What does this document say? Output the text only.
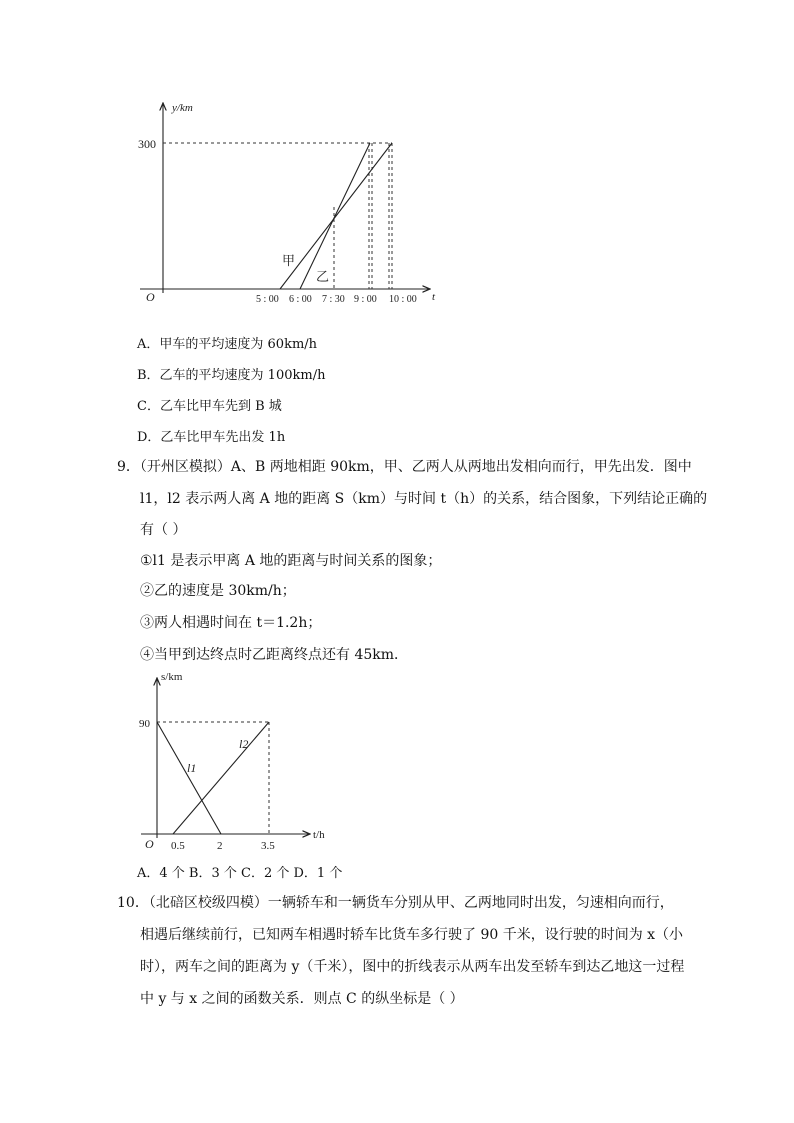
y/km
t
O
300
甲
乙
5 : 00 6 : 00 7 : 30 9 : 00 10 : 00
A．甲车的平均速度为 60km/h
B．乙车的平均速度为 100km/h
C．乙车比甲车先到 B 城
D．乙车比甲车先出发 1h
9．（开州区模拟）A、B 两地相距 90km，甲、乙两人从两地出发相向而行，甲先出发．图中
l1，l2 表示两人离 A 地的距离 S（km）与时间 t（h）的关系，结合图象，下列结论正确的
有（ ）
①l1 是表示甲离 A 地的距离与时间关系的图象；
②乙的速度是 30km/h；
③两人相遇时间在 t＝1.2h；
④当甲到达终点时乙距离终点还有 45km．
s/km
t/h
O
90
l1
l2
0.5	2	3.5
A．4 个 B．3 个 C．2 个 D．1 个
10．（北碚区校级四模）一辆轿车和一辆货车分别从甲、乙两地同时出发，匀速相向而行，
相遇后继续前行，已知两车相遇时轿车比货车多行驶了 90 千米，设行驶的时间为 x（小
时），两车之间的距离为 y（千米），图中的折线表示从两车出发至轿车到达乙地这一过程
中 y 与 x 之间的函数关系．则点 C 的纵坐标是（ ）
